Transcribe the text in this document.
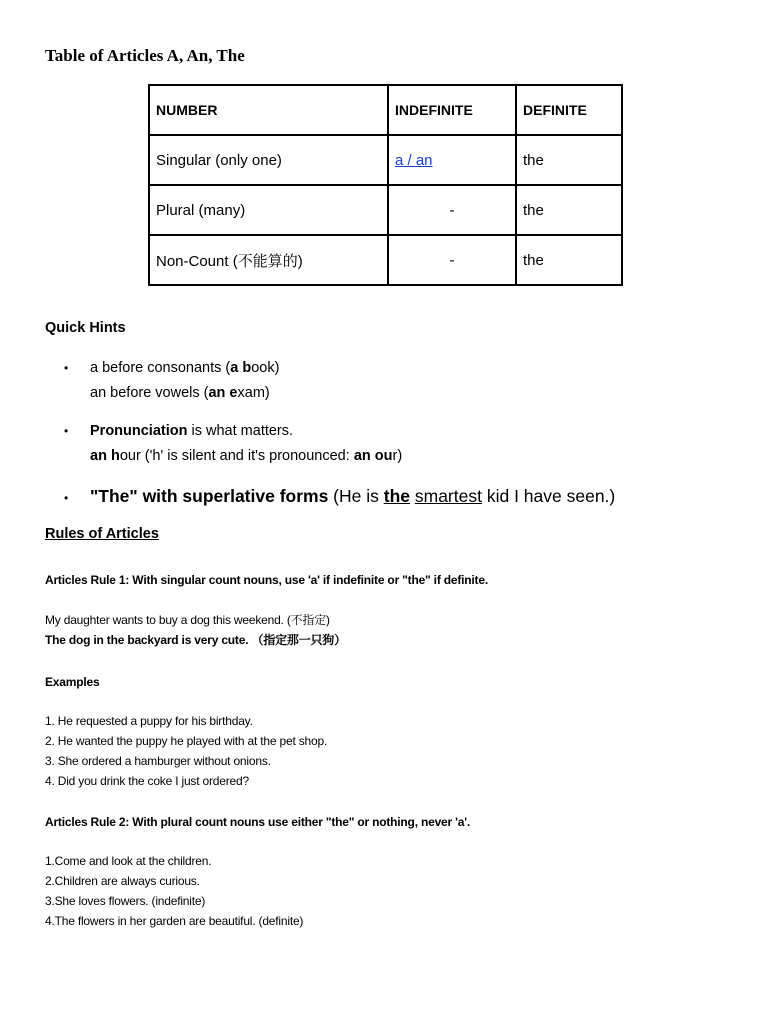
Table of Articles A, An, The
NUMBER	INDEFINITE	DEFINITE
Singular (only one)	a / an	the
Plural (many)	-	the
Non-Count (不能算的)	-	the
Quick Hints
• a before consonants (a book)
an before vowels (an exam)
• Pronunciation is what matters.
an hour ('h' is silent and it's pronounced: an our)
• "The" with superlative forms (He is the smartest kid I have seen.)
Rules of Articles
Articles Rule 1: With singular count nouns, use 'a' if indefinite or "the" if definite.
My daughter wants to buy a dog this weekend. (不指定)
The dog in the backyard is very cute. （指定那一只狗）
Examples
1. He requested a puppy for his birthday.
2. He wanted the puppy he played with at the pet shop.
3. She ordered a hamburger without onions.
4. Did you drink the coke I just ordered?
Articles Rule 2: With plural count nouns use either "the" or nothing, never 'a'.
1.Come and look at the children.
2.Children are always curious.
3.She loves flowers. (indefinite)
4.The flowers in her garden are beautiful. (definite)
